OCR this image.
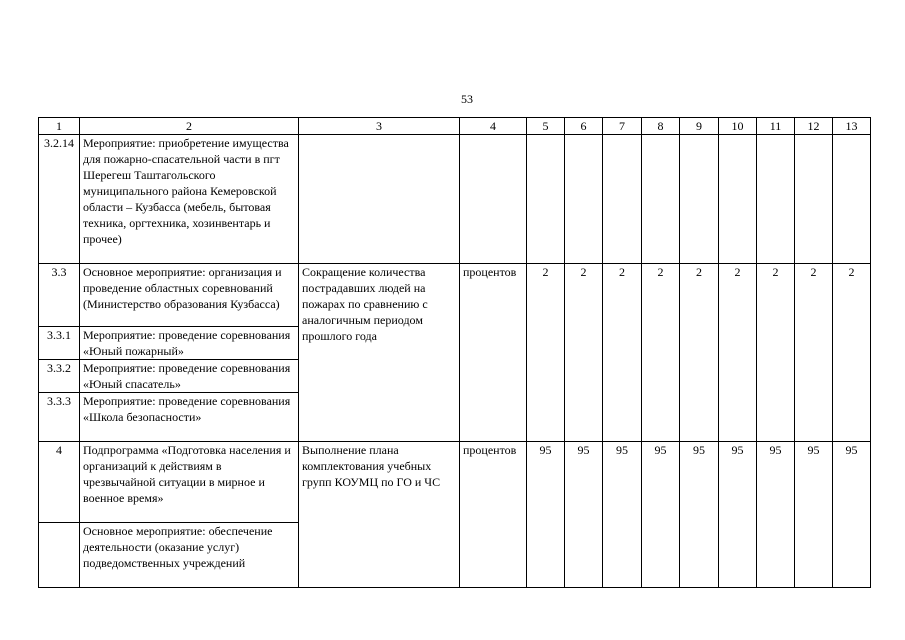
53
1	2	3	4	5	6	7	8	9	10	11	12	13
3.2.14	Мероприятие: приобретение имущества для пожарно-спасательной части в пгт Шерегеш Таштагольского муниципального района Кемеровской области – Кузбасса (мебель, бытовая техника, оргтехника, хозинвентарь и прочее)											
3.3	Основное мероприятие: организация и проведение областных соревнований (Министерство образования Кузбасса)	Сокращение количества пострадавших людей на пожарах по сравнению с аналогичным периодом прошлого года	процентов	2	2	2	2	2	2	2	2	2
3.3.1	Мероприятие: проведение соревнования «Юный пожарный»											
3.3.2	Мероприятие: проведение соревнования «Юный спасатель»											
3.3.3	Мероприятие: проведение соревнования «Школа безопасности»											
4	Подпрограмма «Подготовка населения и организаций к действиям в чрезвычайной ситуации в мирное и военное время»	Выполнение плана комплектования учебных групп КОУМЦ по ГО и ЧС	процентов	95	95	95	95	95	95	95	95	95
	Основное мероприятие: обеспечение деятельности (оказание услуг) подведомственных учреждений											
